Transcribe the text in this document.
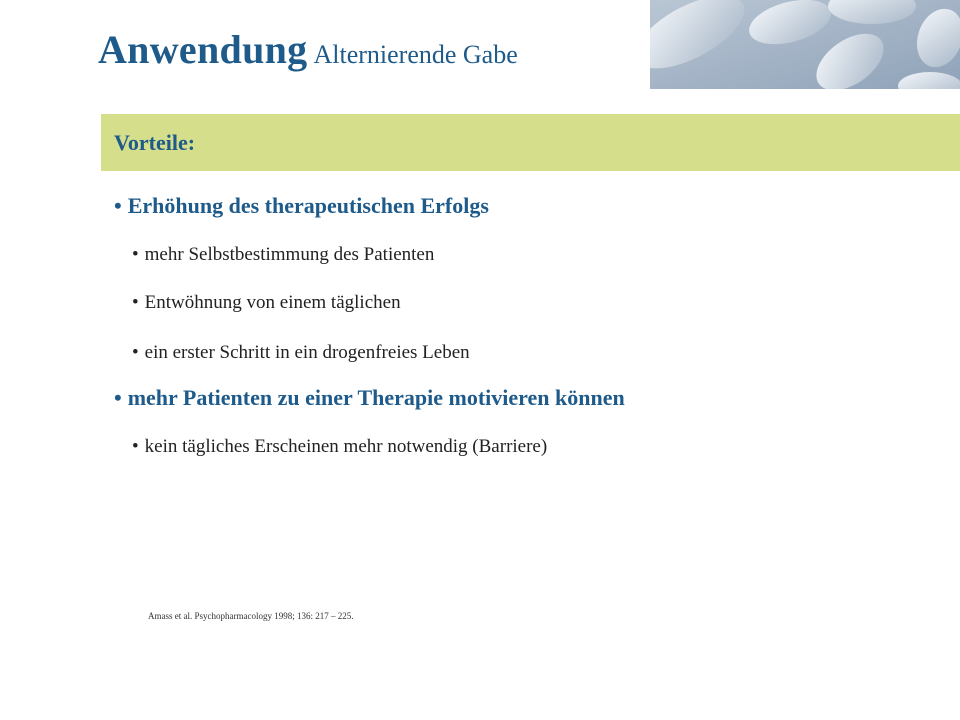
Anwendung Alternierende Gabe
Vorteile:
• Erhöhung des therapeutischen Erfolgs
• mehr Selbstbestimmung des Patienten
• Entwöhnung von einem täglichen
• ein erster Schritt in ein drogenfreies Leben
• mehr Patienten zu einer Therapie motivieren können
• kein tägliches Erscheinen mehr notwendig (Barriere)
Amass et al. Psychopharmacology 1998; 136: 217 – 225.
